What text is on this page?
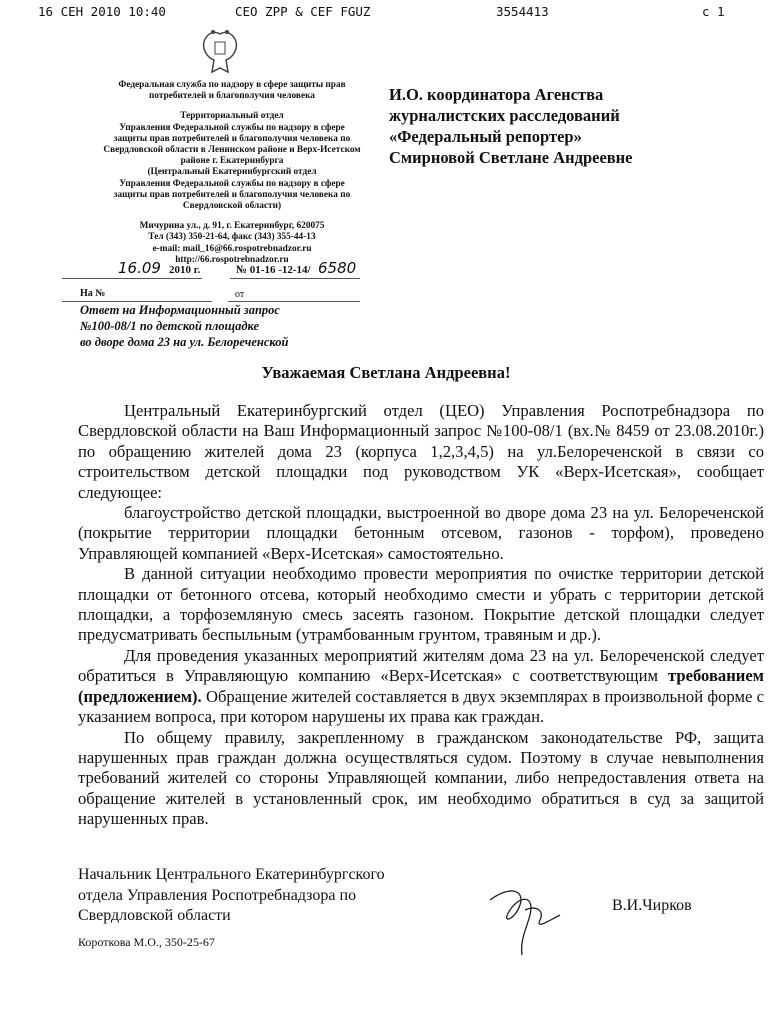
16 СЕН 2010 10:40	CEO ZPP & CEF FGUZ	3554413	c 1

Федеральная служба по надзору в сфере защиты прав
потребителей и благополучия человека

Территориальный отдел
Управления Федеральной службы по надзору в сфере
защиты прав потребителей и благополучия человека по
Свердловской области в Ленинском районе и Верх-Исетском
районе г. Екатеринбурга
(Центральный Екатеринбургский отдел
Управления Федеральной службы по надзору в сфере
защиты прав потребителей и благополучия человека по
Свердловской области)

Мичурина ул., д. 91, г. Екатеринбург, 620075
Тел (343) 350-21-64, факс (343) 355-44-13
e-mail: mail_16@66.rospotrebnadzor.ru
http://66.rospotrebnadzor.ru

И.О. координатора Агенства
журналистских расследований
«Федеральный репортер»
Смирновой Светлане Андреевне
16.09 2010 г.	№ 01-16 -12-14/ 6580
На №	от
Ответ на Информационный запрос
№100-08/1 по детской площадке
во дворе дома 23 на ул. Белореченской
Уважаемая Светлана Андреевна!

Центральный Екатеринбургский отдел (ЦЕО) Управления Роспотребнадзора по Свердловской области на Ваш Информационный запрос №100-08/1 (вх.№ 8459 от 23.08.2010г.) по обращению жителей дома 23 (корпуса 1,2,3,4,5) на ул.Белореченской в связи со строительством детской площадки под руководством УК «Верх-Исетская», сообщает следующее:

благоустройство детской площадки, выстроенной во дворе дома 23 на ул. Белореченской (покрытие территории площадки бетонным отсевом, газонов - торфом), проведено Управляющей компанией «Верх-Исетская» самостоятельно.

В данной ситуации необходимо провести мероприятия по очистке территории детской площадки от бетонного отсева, который необходимо смести и убрать с территории детской площадки, а торфоземляную смесь засеять газоном. Покрытие детской площадки следует предусматривать беспыльным (утрамбованным грунтом, травяным и др.).

Для проведения указанных мероприятий жителям дома 23 на ул. Белореченской следует обратиться в Управляющую компанию «Верх-Исетская» с соответствующим требованием (предложением). Обращение жителей составляется в двух экземплярах в произвольной форме с указанием вопроса, при котором нарушены их права как граждан.

По общему правилу, закрепленному в гражданском законодательстве РФ, защита нарушенных прав граждан должна осуществляться судом. Поэтому в случае невыполнения требований жителей со стороны Управляющей компании, либо непредоставления ответа на обращение жителей в установленный срок, им необходимо обратиться в суд за защитой нарушенных прав.

Начальник Центрального Екатеринбургского
отдела Управления Роспотребнадзора по
Свердловской области
В.И.Чирков
Короткова М.О., 350-25-67
